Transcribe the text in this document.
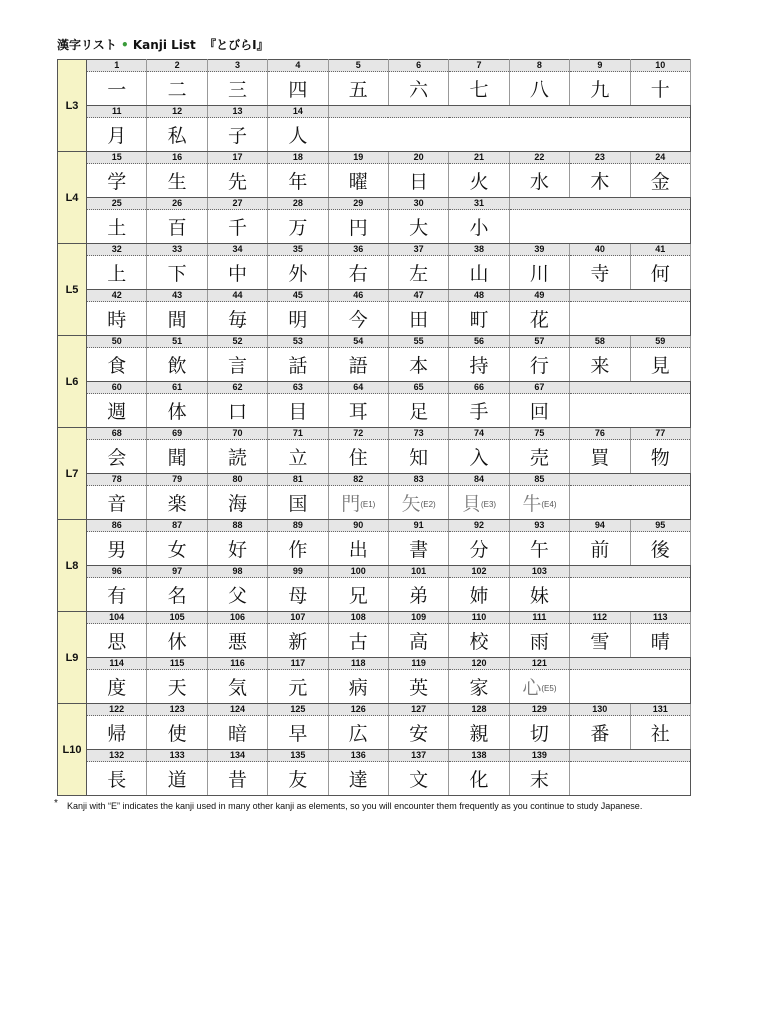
漢字リスト • Kanji List 『とびらⅠ』
L3	1	2	3	4	5	6	7	8	9	10
	一	二	三	四	五	六	七	八	九	十
	11	12	13	14						
	月	私	子	人						
L4	15	16	17	18	19	20	21	22	23	24
	学	生	先	年	曜	日	火	水	木	金
	25	26	27	28	29	30	31			
	土	百	千	万	円	大	小			
L5	32	33	34	35	36	37	38	39	40	41
	上	下	中	外	右	左	山	川	寺	何
	42	43	44	45	46	47	48	49		
	時	間	毎	明	今	田	町	花		
L6	50	51	52	53	54	55	56	57	58	59
	食	飲	言	話	語	本	持	行	来	見
	60	61	62	63	64	65	66	67		
	週	体	口	目	耳	足	手	回		
L7	68	69	70	71	72	73	74	75	76	77
	会	聞	読	立	住	知	入	売	買	物
	78	79	80	81	82	83	84	85		
	音	楽	海	国	門(E1)	矢(E2)	貝(E3)	牛(E4)		
L8	86	87	88	89	90	91	92	93	94	95
	男	女	好	作	出	書	分	午	前	後
	96	97	98	99	100	101	102	103		
	有	名	父	母	兄	弟	姉	妹		
L9	104	105	106	107	108	109	110	111	112	113
	思	休	悪	新	古	高	校	雨	雪	晴
	114	115	116	117	118	119	120	121		
	度	天	気	元	病	英	家	心(E5)		
L10	122	123	124	125	126	127	128	129	130	131
	帰	使	暗	早	広	安	親	切	番	社
	132	133	134	135	136	137	138	139		
	長	道	昔	友	達	文	化	末		
*	Kanji with “E” indicates the kanji used in many other kanji as elements, so you will encounter them frequently as you continue to study Japanese.
